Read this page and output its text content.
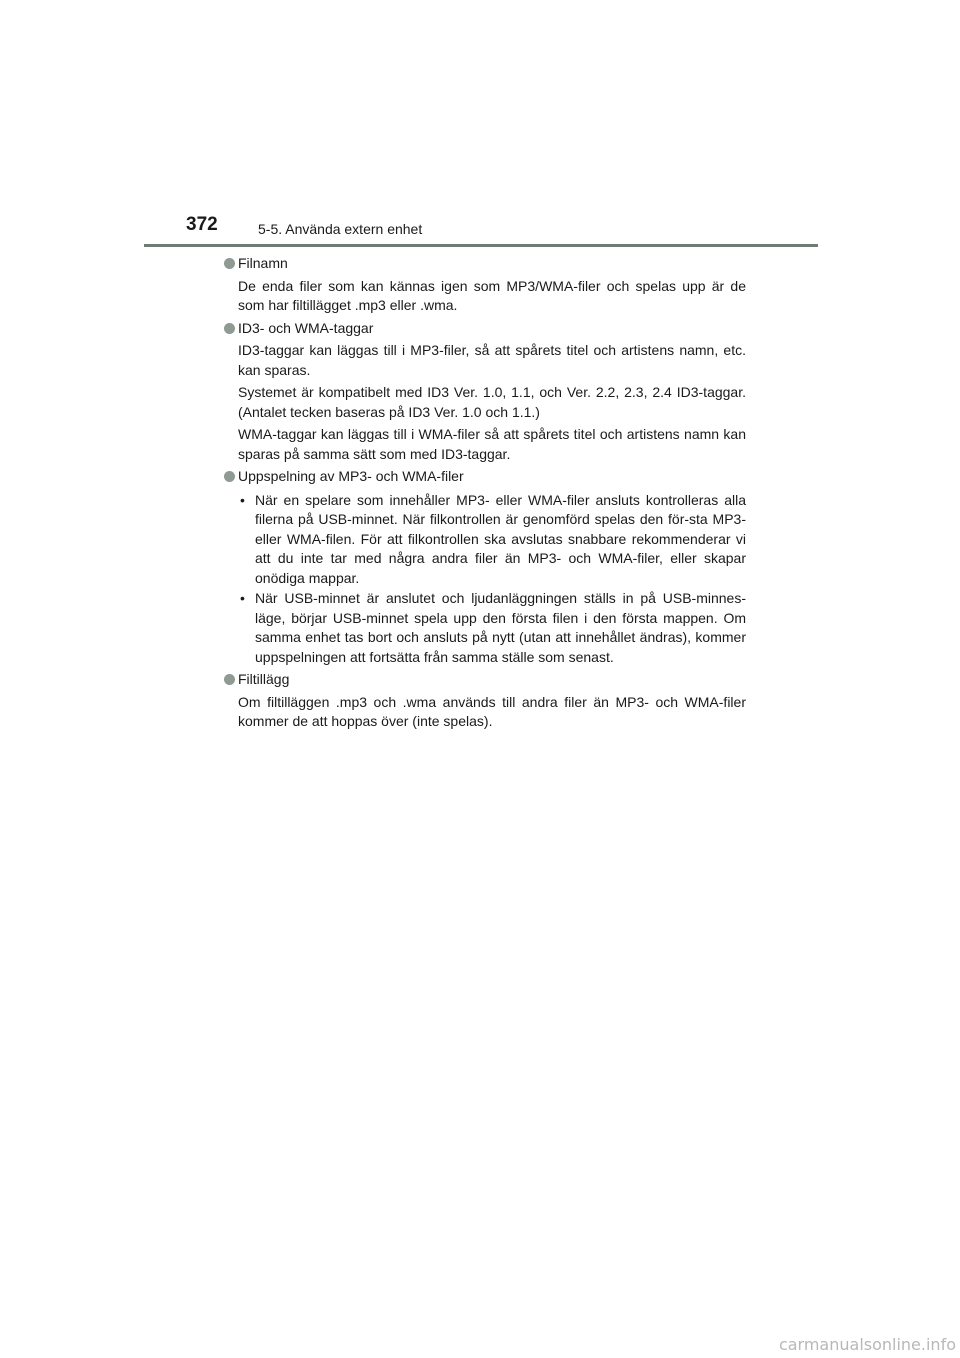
372	5-5. Använda extern enhet
Filnamn
De enda filer som kan kännas igen som MP3/WMA-filer och spelas upp är de som har filtillägget .mp3 eller .wma.
ID3- och WMA-taggar
ID3-taggar kan läggas till i MP3-filer, så att spårets titel och artistens namn, etc. kan sparas.
Systemet är kompatibelt med ID3 Ver. 1.0, 1.1, och Ver. 2.2, 2.3, 2.4 ID3-taggar. (Antalet tecken baseras på ID3 Ver. 1.0 och 1.1.)
WMA-taggar kan läggas till i WMA-filer så att spårets titel och artistens namn kan sparas på samma sätt som med ID3-taggar.
Uppspelning av MP3- och WMA-filer
• När en spelare som innehåller MP3- eller WMA-filer ansluts kontrolleras alla filerna på USB-minnet. När filkontrollen är genomförd spelas den för-sta MP3- eller WMA-filen. För att filkontrollen ska avslutas snabbare rekommenderar vi att du inte tar med några andra filer än MP3- och WMA-filer, eller skapar onödiga mappar.
• När USB-minnet är anslutet och ljudanläggningen ställs in på USB-minnes-läge, börjar USB-minnet spela upp den första filen i den första mappen. Om samma enhet tas bort och ansluts på nytt (utan att innehållet ändras), kommer uppspelningen att fortsätta från samma ställe som senast.
Filtillägg
Om filtilläggen .mp3 och .wma används till andra filer än MP3- och WMA-filer kommer de att hoppas över (inte spelas).
carmanualsonline.info
